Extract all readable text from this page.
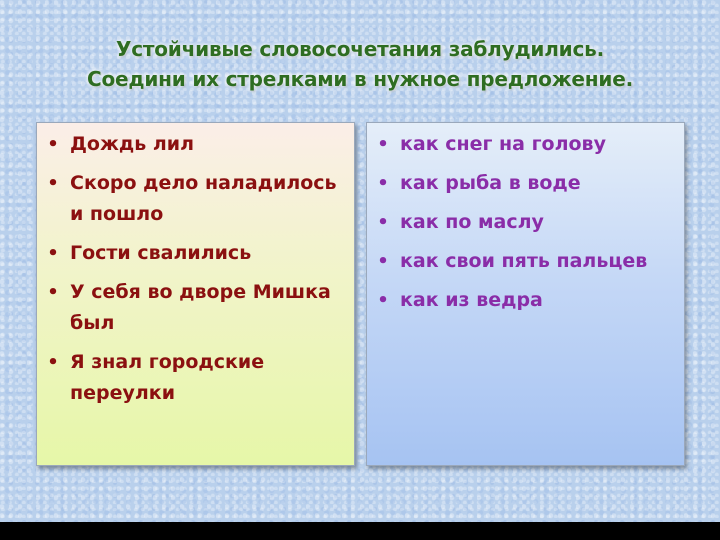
Устойчивые словосочетания заблудились.
Соедини их стрелками в нужное предложение.
• Дождь лил
• Скоро дело наладилось и пошло
• Гости свалились
• У себя во дворе Мишка был
• Я знал городские переулки
• как снег на голову
• как рыба в воде
• как по маслу
• как свои пять пальцев
• как из ведра
